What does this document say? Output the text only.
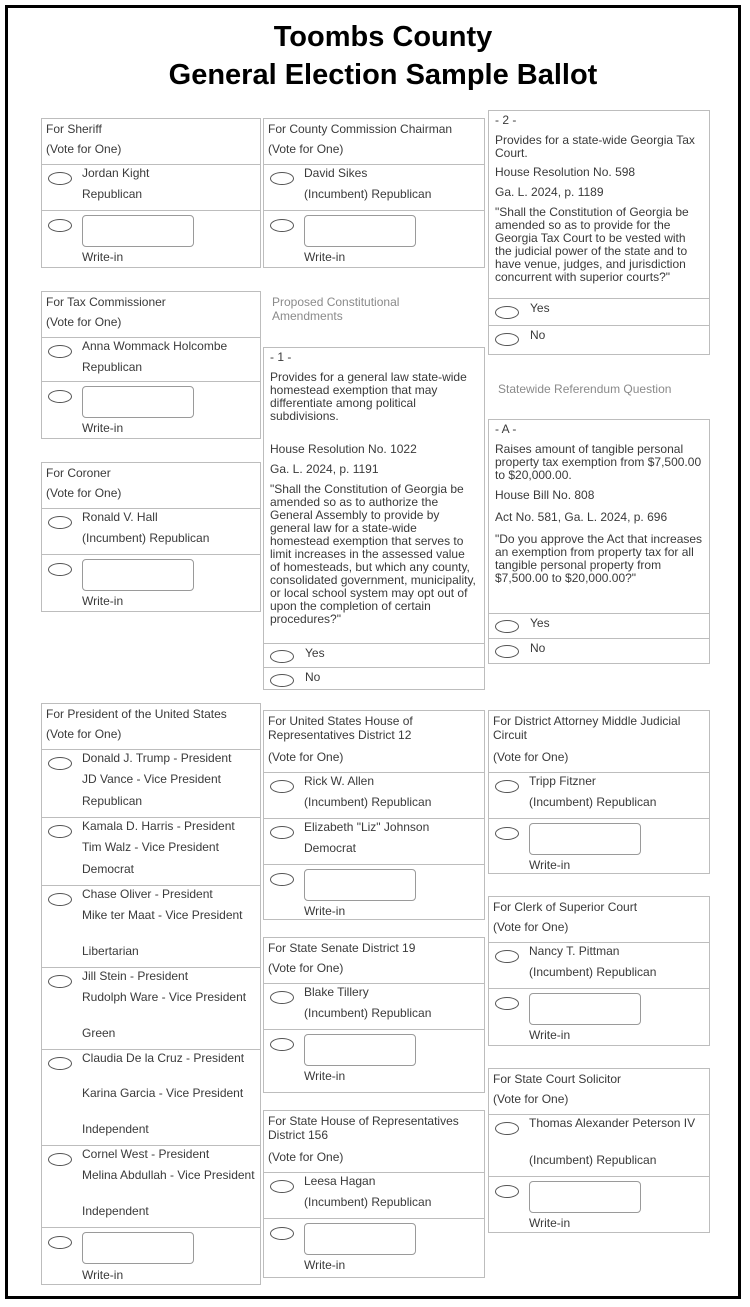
Toombs County
General Election Sample Ballot
For Sheriff
(Vote for One)
Jordan Kight
Republican
Write-in
For County Commission Chairman
(Vote for One)
David Sikes
(Incumbent) Republican
Write-in
- 2 -
Provides for a state-wide Georgia Tax Court.
House Resolution No. 598
Ga. L. 2024, p. 1189
"Shall the Constitution of Georgia be amended so as to provide for the Georgia Tax Court to be vested with the judicial power of the state and to have venue, judges, and jurisdiction concurrent with superior courts?"
Yes
No
For Tax Commissioner
(Vote for One)
Anna Wommack Holcombe
Republican
Write-in
Proposed Constitutional Amendments
- 1 -
Provides for a general law state-wide homestead exemption that may differentiate among political subdivisions.
House Resolution No. 1022
Ga. L. 2024, p. 1191
"Shall the Constitution of Georgia be amended so as to authorize the General Assembly to provide by general law for a state-wide homestead exemption that serves to limit increases in the assessed value of homesteads, but which any county, consolidated government, municipality, or local school system may opt out of upon the completion of certain procedures?"
Yes
No
Statewide Referendum Question
For Coroner
(Vote for One)
Ronald V. Hall
(Incumbent) Republican
Write-in
- A -
Raises amount of tangible personal property tax exemption from $7,500.00 to $20,000.00.
House Bill No. 808
Act No. 581, Ga. L. 2024, p. 696
"Do you approve the Act that increases an exemption from property tax for all tangible personal property from $7,500.00 to $20,000.00?"
Yes
No
For President of the United States
(Vote for One)
Donald J. Trump - President
JD Vance - Vice President
Republican
Kamala D. Harris - President
Tim Walz - Vice President
Democrat
Chase Oliver - President
Mike ter Maat - Vice President
Libertarian
Jill Stein - President
Rudolph Ware - Vice President
Green
Claudia De la Cruz - President
Karina Garcia - Vice President
Independent
Cornel West - President
Melina Abdullah - Vice President
Independent
Write-in
For United States House of Representatives District 12
(Vote for One)
Rick W. Allen
(Incumbent) Republican
Elizabeth "Liz" Johnson
Democrat
Write-in
For State Senate District 19
(Vote for One)
Blake Tillery
(Incumbent) Republican
Write-in
For State House of Representatives District 156
(Vote for One)
Leesa Hagan
(Incumbent) Republican
Write-in
For District Attorney Middle Judicial Circuit
(Vote for One)
Tripp Fitzner
(Incumbent) Republican
Write-in
For Clerk of Superior Court
(Vote for One)
Nancy T. Pittman
(Incumbent) Republican
Write-in
For State Court Solicitor
(Vote for One)
Thomas Alexander Peterson IV
(Incumbent) Republican
Write-in
